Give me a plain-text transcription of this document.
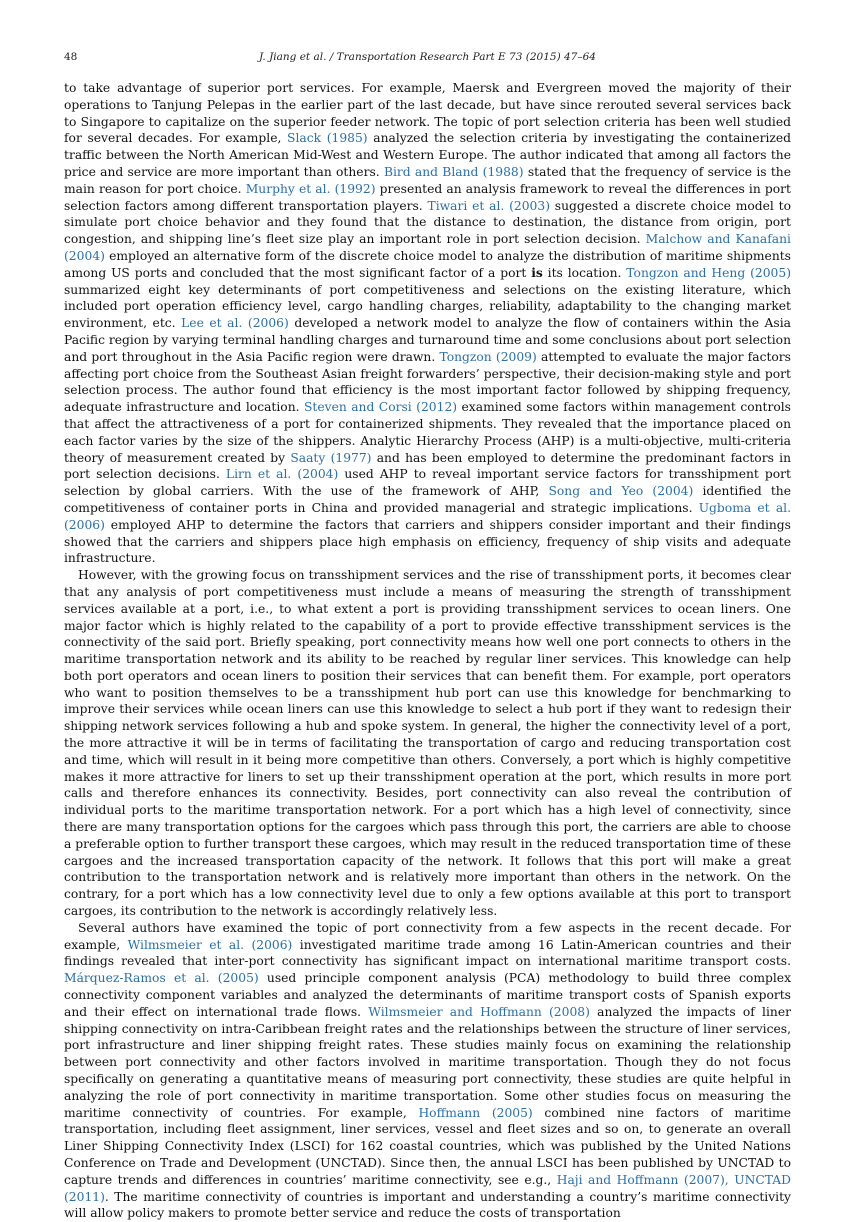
48	J. Jiang et al. / Transportation Research Part E 73 (2015) 47–64

to take advantage of superior port services. For example, Maersk and Evergreen moved the majority of their operations to Tanjung Pelepas in the earlier part of the last decade, but have since rerouted several services back to Singapore to capitalize on the superior feeder network. The topic of port selection criteria has been well studied for several decades. For example, Slack (1985) analyzed the selection criteria by investigating the containerized traffic between the North American Mid-West and Western Europe. The author indicated that among all factors the price and service are more important than others. Bird and Bland (1988) stated that the frequency of service is the main reason for port choice. Murphy et al. (1992) presented an analysis framework to reveal the differences in port selection factors among different transportation players. Tiwari et al. (2003) suggested a discrete choice model to simulate port choice behavior and they found that the distance to destination, the distance from origin, port congestion, and shipping line’s fleet size play an important role in port selection decision. Malchow and Kanafani (2004) employed an alternative form of the discrete choice model to analyze the distribution of maritime shipments among US ports and concluded that the most significant factor of a port is its location. Tongzon and Heng (2005) summarized eight key determinants of port competitiveness and selections on the existing literature, which included port operation efficiency level, cargo handling charges, reliability, adaptability to the changing market environment, etc. Lee et al. (2006) developed a network model to analyze the flow of containers within the Asia Pacific region by varying terminal handling charges and turnaround time and some conclusions about port selection and port throughout in the Asia Pacific region were drawn. Tongzon (2009) attempted to evaluate the major factors affecting port choice from the Southeast Asian freight forwarders’ perspective, their decision-making style and port selection process. The author found that efficiency is the most important factor followed by shipping frequency, adequate infrastructure and location. Steven and Corsi (2012) examined some factors within management controls that affect the attractiveness of a port for containerized shipments. They revealed that the importance placed on each factor varies by the size of the shippers. Analytic Hierarchy Process (AHP) is a multi-objective, multi-criteria theory of measurement created by Saaty (1977) and has been employed to determine the predominant factors in port selection decisions. Lirn et al. (2004) used AHP to reveal important service factors for transshipment port selection by global carriers. With the use of the framework of AHP, Song and Yeo (2004) identified the competitiveness of container ports in China and provided managerial and strategic implications. Ugboma et al. (2006) employed AHP to determine the factors that carriers and shippers consider important and their findings showed that the carriers and shippers place high emphasis on efficiency, frequency of ship visits and adequate infrastructure.

However, with the growing focus on transshipment services and the rise of transshipment ports, it becomes clear that any analysis of port competitiveness must include a means of measuring the strength of transshipment services available at a port, i.e., to what extent a port is providing transshipment services to ocean liners. One major factor which is highly related to the capability of a port to provide effective transshipment services is the connectivity of the said port. Briefly speaking, port connectivity means how well one port connects to others in the maritime transportation network and its ability to be reached by regular liner services. This knowledge can help both port operators and ocean liners to position their services that can benefit them. For example, port operators who want to position themselves to be a transshipment hub port can use this knowledge for benchmarking to improve their services while ocean liners can use this knowledge to select a hub port if they want to redesign their shipping network services following a hub and spoke system. In general, the higher the connectivity level of a port, the more attractive it will be in terms of facilitating the transportation of cargo and reducing transportation cost and time, which will result in it being more competitive than others. Conversely, a port which is highly competitive makes it more attractive for liners to set up their transshipment operation at the port, which results in more port calls and therefore enhances its connectivity. Besides, port connectivity can also reveal the contribution of individual ports to the maritime transportation network. For a port which has a high level of connectivity, since there are many transportation options for the cargoes which pass through this port, the carriers are able to choose a preferable option to further transport these cargoes, which may result in the reduced transportation time of these cargoes and the increased transportation capacity of the network. It follows that this port will make a great contribution to the transportation network and is relatively more important than others in the network. On the contrary, for a port which has a low connectivity level due to only a few options available at this port to transport cargoes, its contribution to the network is accordingly relatively less.

Several authors have examined the topic of port connectivity from a few aspects in the recent decade. For example, Wilmsmeier et al. (2006) investigated maritime trade among 16 Latin-American countries and their findings revealed that inter-port connectivity has significant impact on international maritime transport costs. Márquez-Ramos et al. (2005) used principle component analysis (PCA) methodology to build three complex connectivity component variables and analyzed the determinants of maritime transport costs of Spanish exports and their effect on international trade flows. Wilmsmeier and Hoffmann (2008) analyzed the impacts of liner shipping connectivity on intra-Caribbean freight rates and the relationships between the structure of liner services, port infrastructure and liner shipping freight rates. These studies mainly focus on examining the relationship between port connectivity and other factors involved in maritime transportation. Though they do not focus specifically on generating a quantitative means of measuring port connectivity, these studies are quite helpful in analyzing the role of port connectivity in maritime transportation. Some other studies focus on measuring the maritime connectivity of countries. For example, Hoffmann (2005) combined nine factors of maritime transportation, including fleet assignment, liner services, vessel and fleet sizes and so on, to generate an overall Liner Shipping Connectivity Index (LSCI) for 162 coastal countries, which was published by the United Nations Conference on Trade and Development (UNCTAD). Since then, the annual LSCI has been published by UNCTAD to capture trends and differences in countries’ maritime connectivity, see e.g., Haji and Hoffmann (2007), UNCTAD (2011). The maritime connectivity of countries is important and understanding a country’s maritime connectivity will allow policy makers to promote better service and reduce the costs of transportation
